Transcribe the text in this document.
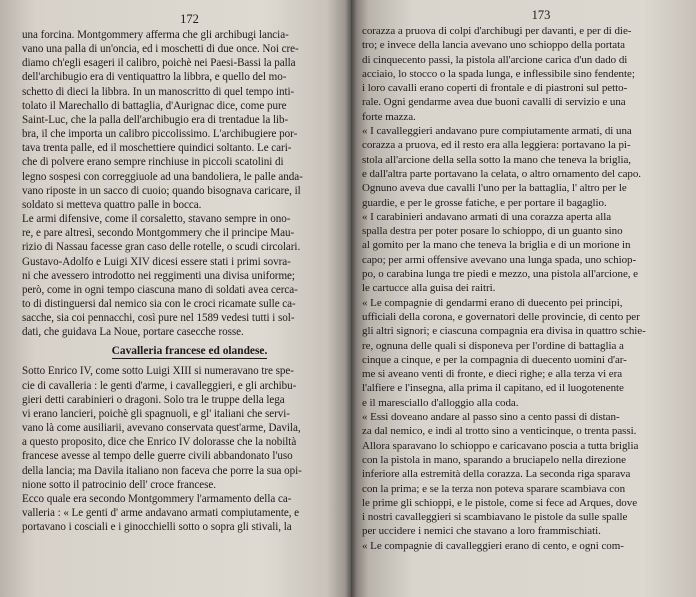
172
una forcina. Montgommery afferma che gli archibugi lancia-
vano una palla di un'oncia, ed i moschetti di due once. Noi cre-
diamo ch'egli esageri il calibro, poichè nei Paesi-Bassi la palla
dell'archibugio era di ventiquattro la libbra, e quello del mo-
schetto di dieci la libbra. In un manoscritto di quel tempo inti-
tolato il Marechallo di battaglia, d'Aurignac dice, come pure
Saint-Luc, che la palla dell'archibugio era di trentadue la lib-
bra, il che importa un calibro piccolissimo. L'archibugiere por-
tava trenta palle, ed il moschettiere quindici soltanto. Le cari-
che di polvere erano sempre rinchiuse in piccoli scatolini di
legno sospesi con correggiuole ad una bandoliera, le palle anda-
vano riposte in un sacco di cuoio; quando bisognava caricare, il
soldato si metteva quattro palle in bocca.
Le armi difensive, come il corsaletto, stavano sempre in ono-
re, e pare altresì, secondo Montgommery che il principe Mau-
rizio di Nassau facesse gran caso delle rotelle, o scudi circolari.
Gustavo-Adolfo e Luigi XIV dicesi essere stati i primi sovra-
ni che avessero introdotto nei reggimenti una divisa uniforme;
però, come in ogni tempo ciascuna mano di soldati avea cerca-
to di distinguersi dal nemico sia con le croci ricamate sulle ca-
sacche, sia coi pennacchi, così pure nel 1589 vedesi tutti i sol-
dati, che guidava La Noue, portare casecche rosse.
Cavalleria francese ed olandese.
Sotto Enrico IV, come sotto Luigi XIII si numeravano tre spe-
cie di cavalleria : le genti d'arme, i cavalleggieri, e gli archibu-
gieri detti carabinieri o dragoni. Solo tra le truppe della lega
vi erano lancieri, poichè gli spagnuoli, e gl' italiani che servi-
vano là come ausiliarii, avevano conservata quest'arme, Davila,
a questo proposito, dice che Enrico IV dolorasse che la nobiltà
francese avesse al tempo delle guerre civili abbandonato l'uso
della lancia; ma Davila italiano non faceva che porre la sua opi-
nione sotto il patrocinio dell' croce francese.
Ecco quale era secondo Montgommery l'armamento della ca-
valleria : « Le genti d' arme andavano armati compiutamente, e
portavano i cosciali e i ginocchielli sotto o sopra gli stivali, la
173
corazza a pruova di colpi d'archibugi per davanti, e per di die-
tro; e invece della lancia avevano uno schioppo della portata
di cinquecento passi, la pistola all'arcione carica d'un dado di
acciaio, lo stocco o la spada lunga, e inflessibile sino fendente;
i loro cavalli erano coperti di frontale e di piastroni sul petto-
rale. Ogni gendarme avea due buoni cavalli di servizio e una
forte mazza.
« I cavalleggieri andavano pure compiutamente armati, di una
corazza a pruova, ed il resto era alla leggiera: portavano la pi-
stola all'arcione della sella sotto la mano che teneva la briglia,
e dall'altra parte portavano la celata, o altro ornamento del capo.
Ognuno aveva due cavalli l'uno per la battaglia, l' altro per le
guardie, e per le grosse fatiche, e per portare il bagaglio.
« I carabinieri andavano armati di una corazza aperta alla
spalla destra per poter posare lo schioppo, di un guanto sino
al gomito per la mano che teneva la briglia e di un morione in
capo; per armi offensive avevano una lunga spada, uno schiop-
po, o carabina lunga tre piedi e mezzo, una pistola all'arcione, e
le cartucce alla guisa dei raitri.
« Le compagnie di gendarmi erano di duecento pei principi,
ufficiali della corona, e governatori delle provincie, di cento per
gli altri signori; e ciascuna compagnia era divisa in quattro schie-
re, ognuna delle quali si disponeva per l'ordine di battaglia a
cinque a cinque, e per la compagnia di duecento uomini d'ar-
me si aveano venti di fronte, e dieci righe; e alla terza vi era
l'alfiere e l'insegna, alla prima il capitano, ed il luogotenente
e il maresciallo d'alloggio alla coda.
« Essi doveano andare al passo sino a cento passi di distan-
za dal nemico, e indi al trotto sino a venticinque, o trenta passi.
Allora sparavano lo schioppo e caricavano poscia a tutta briglia
con la pistola in mano, sparando a bruciapelo nella direzione
inferiore alla estremità della corazza. La seconda riga sparava
con la prima; e se la terza non poteva sparare scambiava con
le prime gli schioppi, e le pistole, come si fece ad Arques, dove
i nostri cavalleggieri si scambiavano le pistole da sulle spalle
per uccidere i nemici che stavano a loro frammischiati.
« Le compagnie di cavalleggieri erano di cento, e ogni com-
